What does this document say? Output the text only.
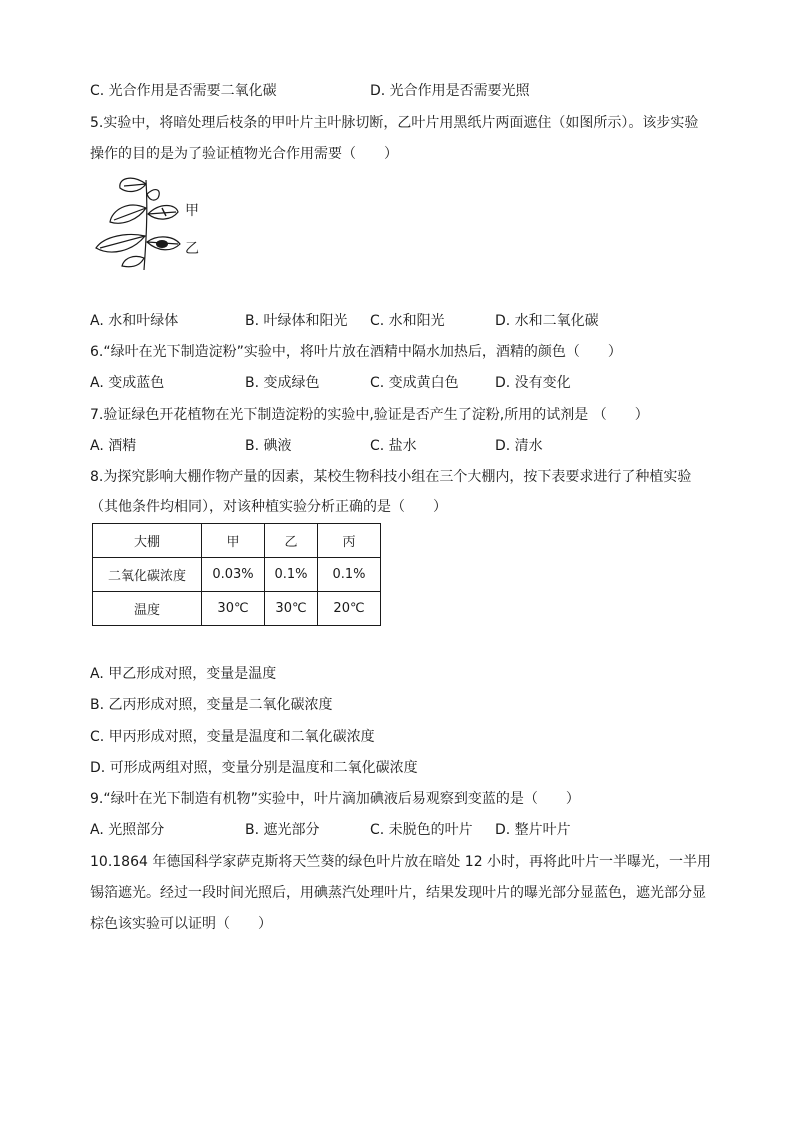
C. 光合作用是否需要二氧化碳	D. 光合作用是否需要光照
5.实验中，将暗处理后枝条的甲叶片主叶脉切断，乙叶片用黑纸片两面遮住（如图所示）。该步实验
操作的目的是为了验证植物光合作用需要（　　）
甲
乙
A. 水和叶绿体	B. 叶绿体和阳光 C. 水和阳光	D. 水和二氧化碳
6.“绿叶在光下制造淀粉”实验中，将叶片放在酒精中隔水加热后，酒精的颜色（　　）
A. 变成蓝色	B. 变成绿色	C. 变成黄白色	D. 没有变化
7.验证绿色开花植物在光下制造淀粉的实验中,验证是否产生了淀粉,所用的试剂是 （　　）
A. 酒精	B. 碘液	C. 盐水	D. 清水
8.为探究影响大棚作物产量的因素，某校生物科技小组在三个大棚内，按下表要求进行了种植实验
（其他条件均相同），对该种植实验分析正确的是（　　）
大棚	甲	乙	丙
二氧化碳浓度	0.03%	0.1%	0.1%
温度	30℃	30℃	20℃
A. 甲乙形成对照，变量是温度
B. 乙丙形成对照，变量是二氧化碳浓度
C. 甲丙形成对照，变量是温度和二氧化碳浓度
D. 可形成两组对照，变量分别是温度和二氧化碳浓度
9.“绿叶在光下制造有机物”实验中，叶片滴加碘液后易观察到变蓝的是（　　）
A. 光照部分	B. 遮光部分	C. 未脱色的叶片 D. 整片叶片
10.1864 年德国科学家萨克斯将天竺葵的绿色叶片放在暗处 12 小时，再将此叶片一半曝光，一半用
锡箔遮光。经过一段时间光照后，用碘蒸汽处理叶片，结果发现叶片的曝光部分显蓝色，遮光部分显
棕色该实验可以证明（　　）
